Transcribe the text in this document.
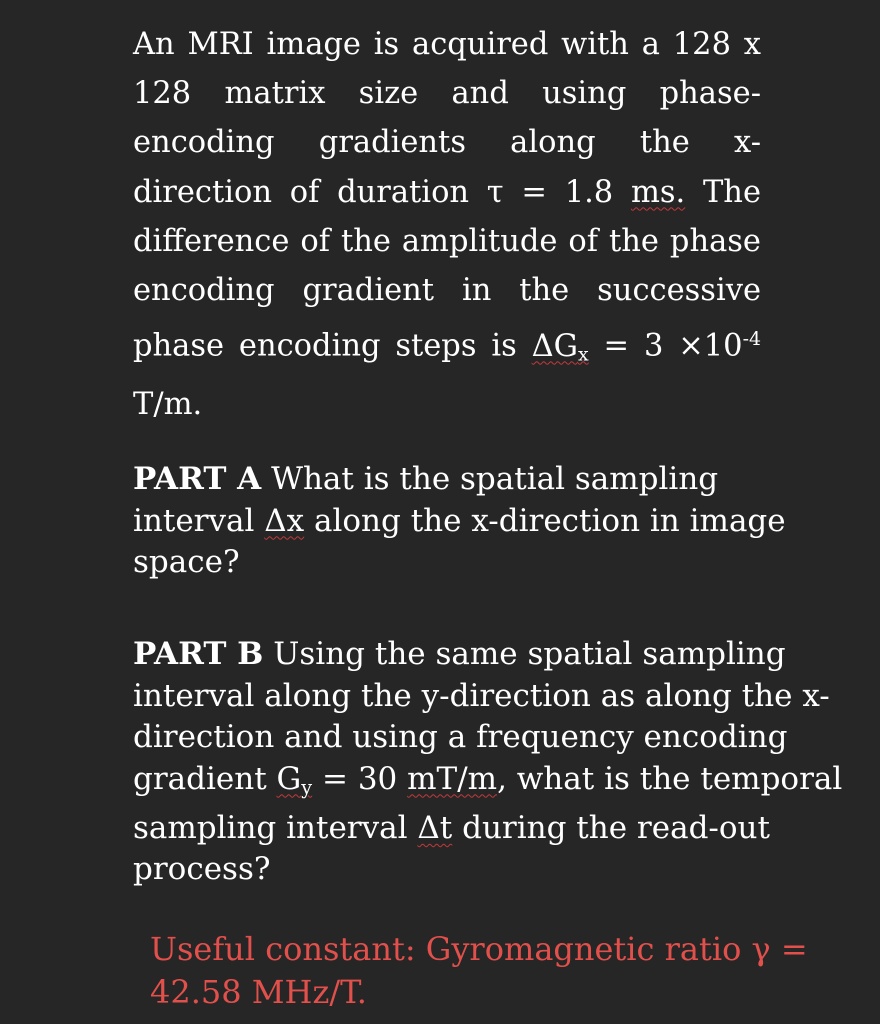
An MRI image is acquired with a 128 x 128 matrix size and using phase-encoding gradients along the x-direction of duration τ = 1.8 ms. The difference of the amplitude of the phase encoding gradient in the successive phase encoding steps is $\Delta G_x = 3 \times 10^{-4}$ T/m.

PART A What is the spatial sampling interval Δx along the x-direction in image space?

PART B Using the same spatial sampling interval along the y-direction as along the x-direction and using a frequency encoding gradient $G_y = 30$ mT/m, what is the temporal sampling interval Δt during the read-out process?

Useful constant: Gyromagnetic ratio γ = 42.58 MHz/T.
